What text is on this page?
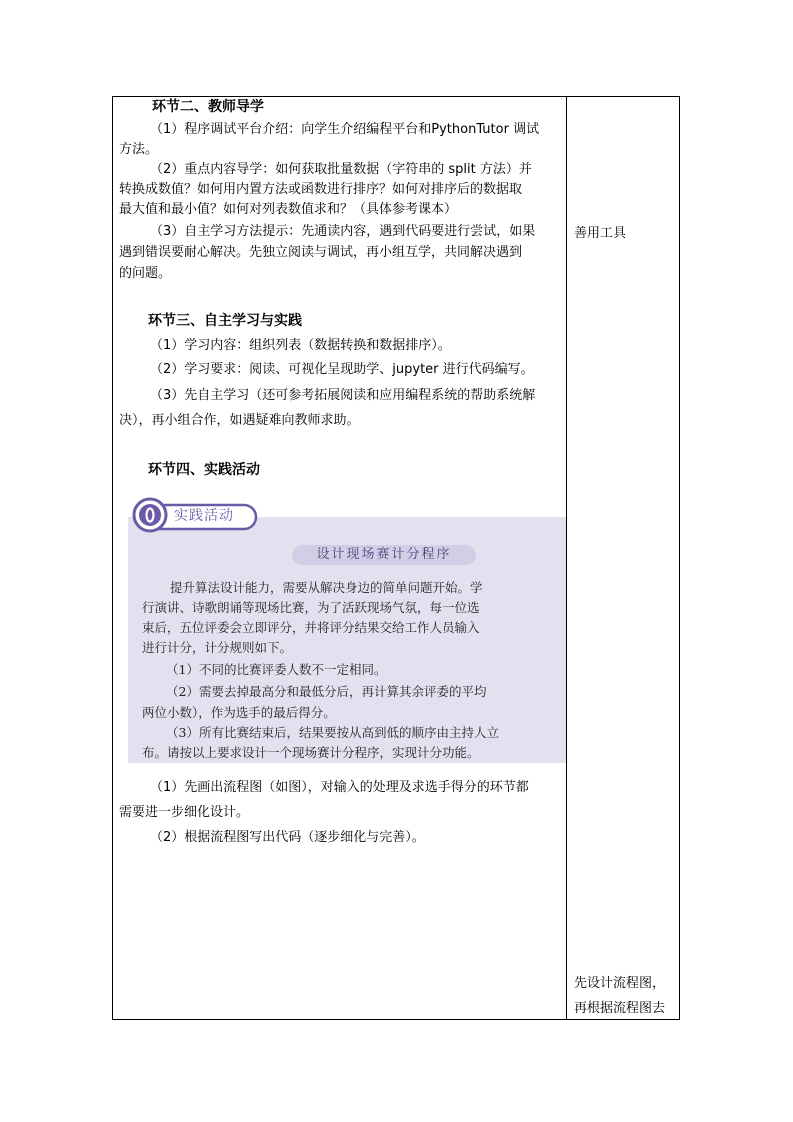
环节二、教师导学
（1）程序调试平台介绍：向学生介绍编程平台和PythonTutor 调试
方法。
（2）重点内容导学：如何获取批量数据（字符串的 split 方法）并
转换成数值？如何用内置方法或函数进行排序？如何对排序后的数据取
最大值和最小值？如何对列表数值求和？（具体参考课本）
（3）自主学习方法提示：先通读内容，遇到代码要进行尝试，如果
遇到错误要耐心解决。先独立阅读与调试，再小组互学，共同解决遇到
的问题。
环节三、自主学习与实践
（1）学习内容：组织列表（数据转换和数据排序）。
（2）学习要求：阅读、可视化呈现助学、jupyter 进行代码编写。
（3）先自主学习（还可参考拓展阅读和应用编程系统的帮助系统解
决），再小组合作，如遇疑难向教师求助。
环节四、实践活动
实践活动
设计现场赛计分程序
提升算法设计能力，需要从解决身边的简单问题开始。学
行演讲、诗歌朗诵等现场比赛，为了活跃现场气氛，每一位选
束后，五位评委会立即评分，并将评分结果交给工作人员输入
进行计分，计分规则如下。
（1）不同的比赛评委人数不一定相同。
（2）需要去掉最高分和最低分后，再计算其余评委的平均
两位小数），作为选手的最后得分。
（3）所有比赛结束后，结果要按从高到低的顺序由主持人立
布。请按以上要求设计一个现场赛计分程序，实现计分功能。
（1）先画出流程图（如图），对输入的处理及求选手得分的环节都
需要进一步细化设计。
（2）根据流程图写出代码（逐步细化与完善）。
善用工具
先设计流程图，
再根据流程图去
